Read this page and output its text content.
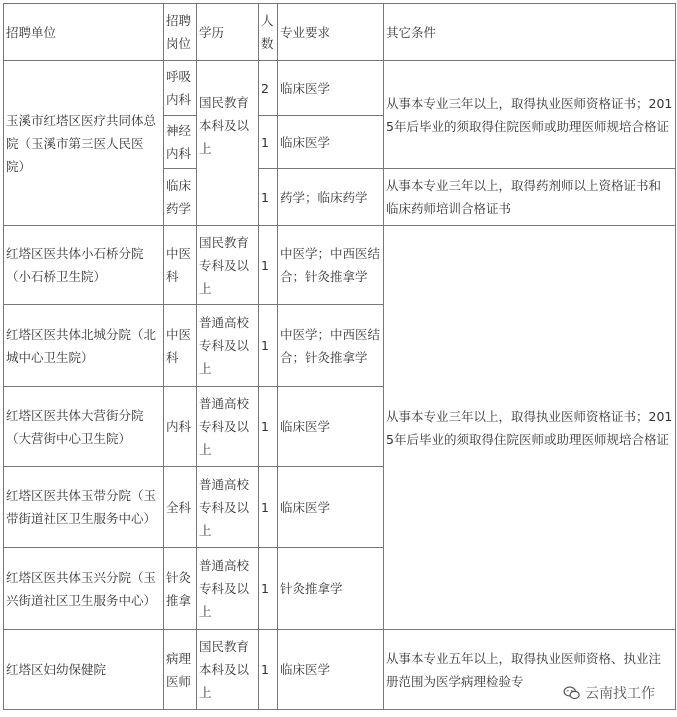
招聘单位	招聘岗位	学历	人数	专业要求	其它条件
玉溪市红塔区医疗共同体总院（玉溪市第三医人民医院）	呼吸内科	国民教育本科及以上	2	临床医学	从事本专业三年以上，取得执业医师资格证书；2015年后毕业的须取得住院医师或助理医师规培合格证
	神经内科		1	临床医学	
	临床药学		1	药学；临床药学	从事本专业三年以上，取得药剂师以上资格证书和临床药师培训合格证书
红塔区医共体小石桥分院（小石桥卫生院）	中医科	国民教育专科及以上	1	中医学；中西医结合；针灸推拿学	从事本专业三年以上，取得执业医师资格证书；2015年后毕业的须取得住院医师或助理医师规培合格证
红塔区医共体北城分院（北城中心卫生院）	中医科	普通高校专科及以上	1	中医学；中西医结合；针灸推拿学	
红塔区医共体大营街分院（大营街中心卫生院）	内科	普通高校专科及以上	1	临床医学	
红塔区医共体玉带分院（玉带街道社区卫生服务中心）	全科	普通高校专科及以上	1	临床医学	
红塔区医共体玉兴分院（玉兴街道社区卫生服务中心）	针灸推拿	普通高校专科及以上	1	针灸推拿学	
红塔区妇幼保健院	病理医师	国民教育本科及以上	1	临床医学	从事本专业五年以上，取得执业医师资格、执业注册范围为医学病理检验专
云南找工作
